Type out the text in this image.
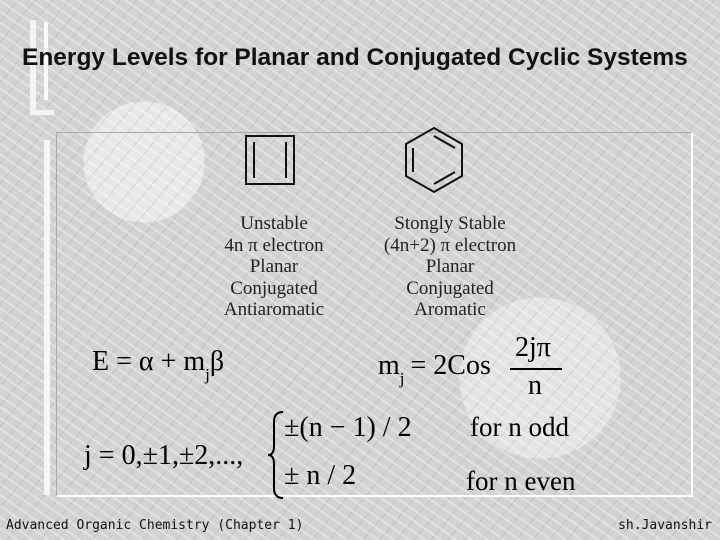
Energy Levels for Planar and Conjugated Cyclic Systems
Unstable
4n π electron
Planar
Conjugated
Antiaromatic
Stongly Stable
(4n+2) π electron
Planar
Conjugated
Aromatic
$E = \alpha + m_j\beta$	$m_j = 2Cos$
2jπ
n
j = 0,±1,±2,...,
±(n − 1) / 2
± n / 2
for n odd
for n even
Advanced Organic Chemistry (Chapter 1)	sh.Javanshir
